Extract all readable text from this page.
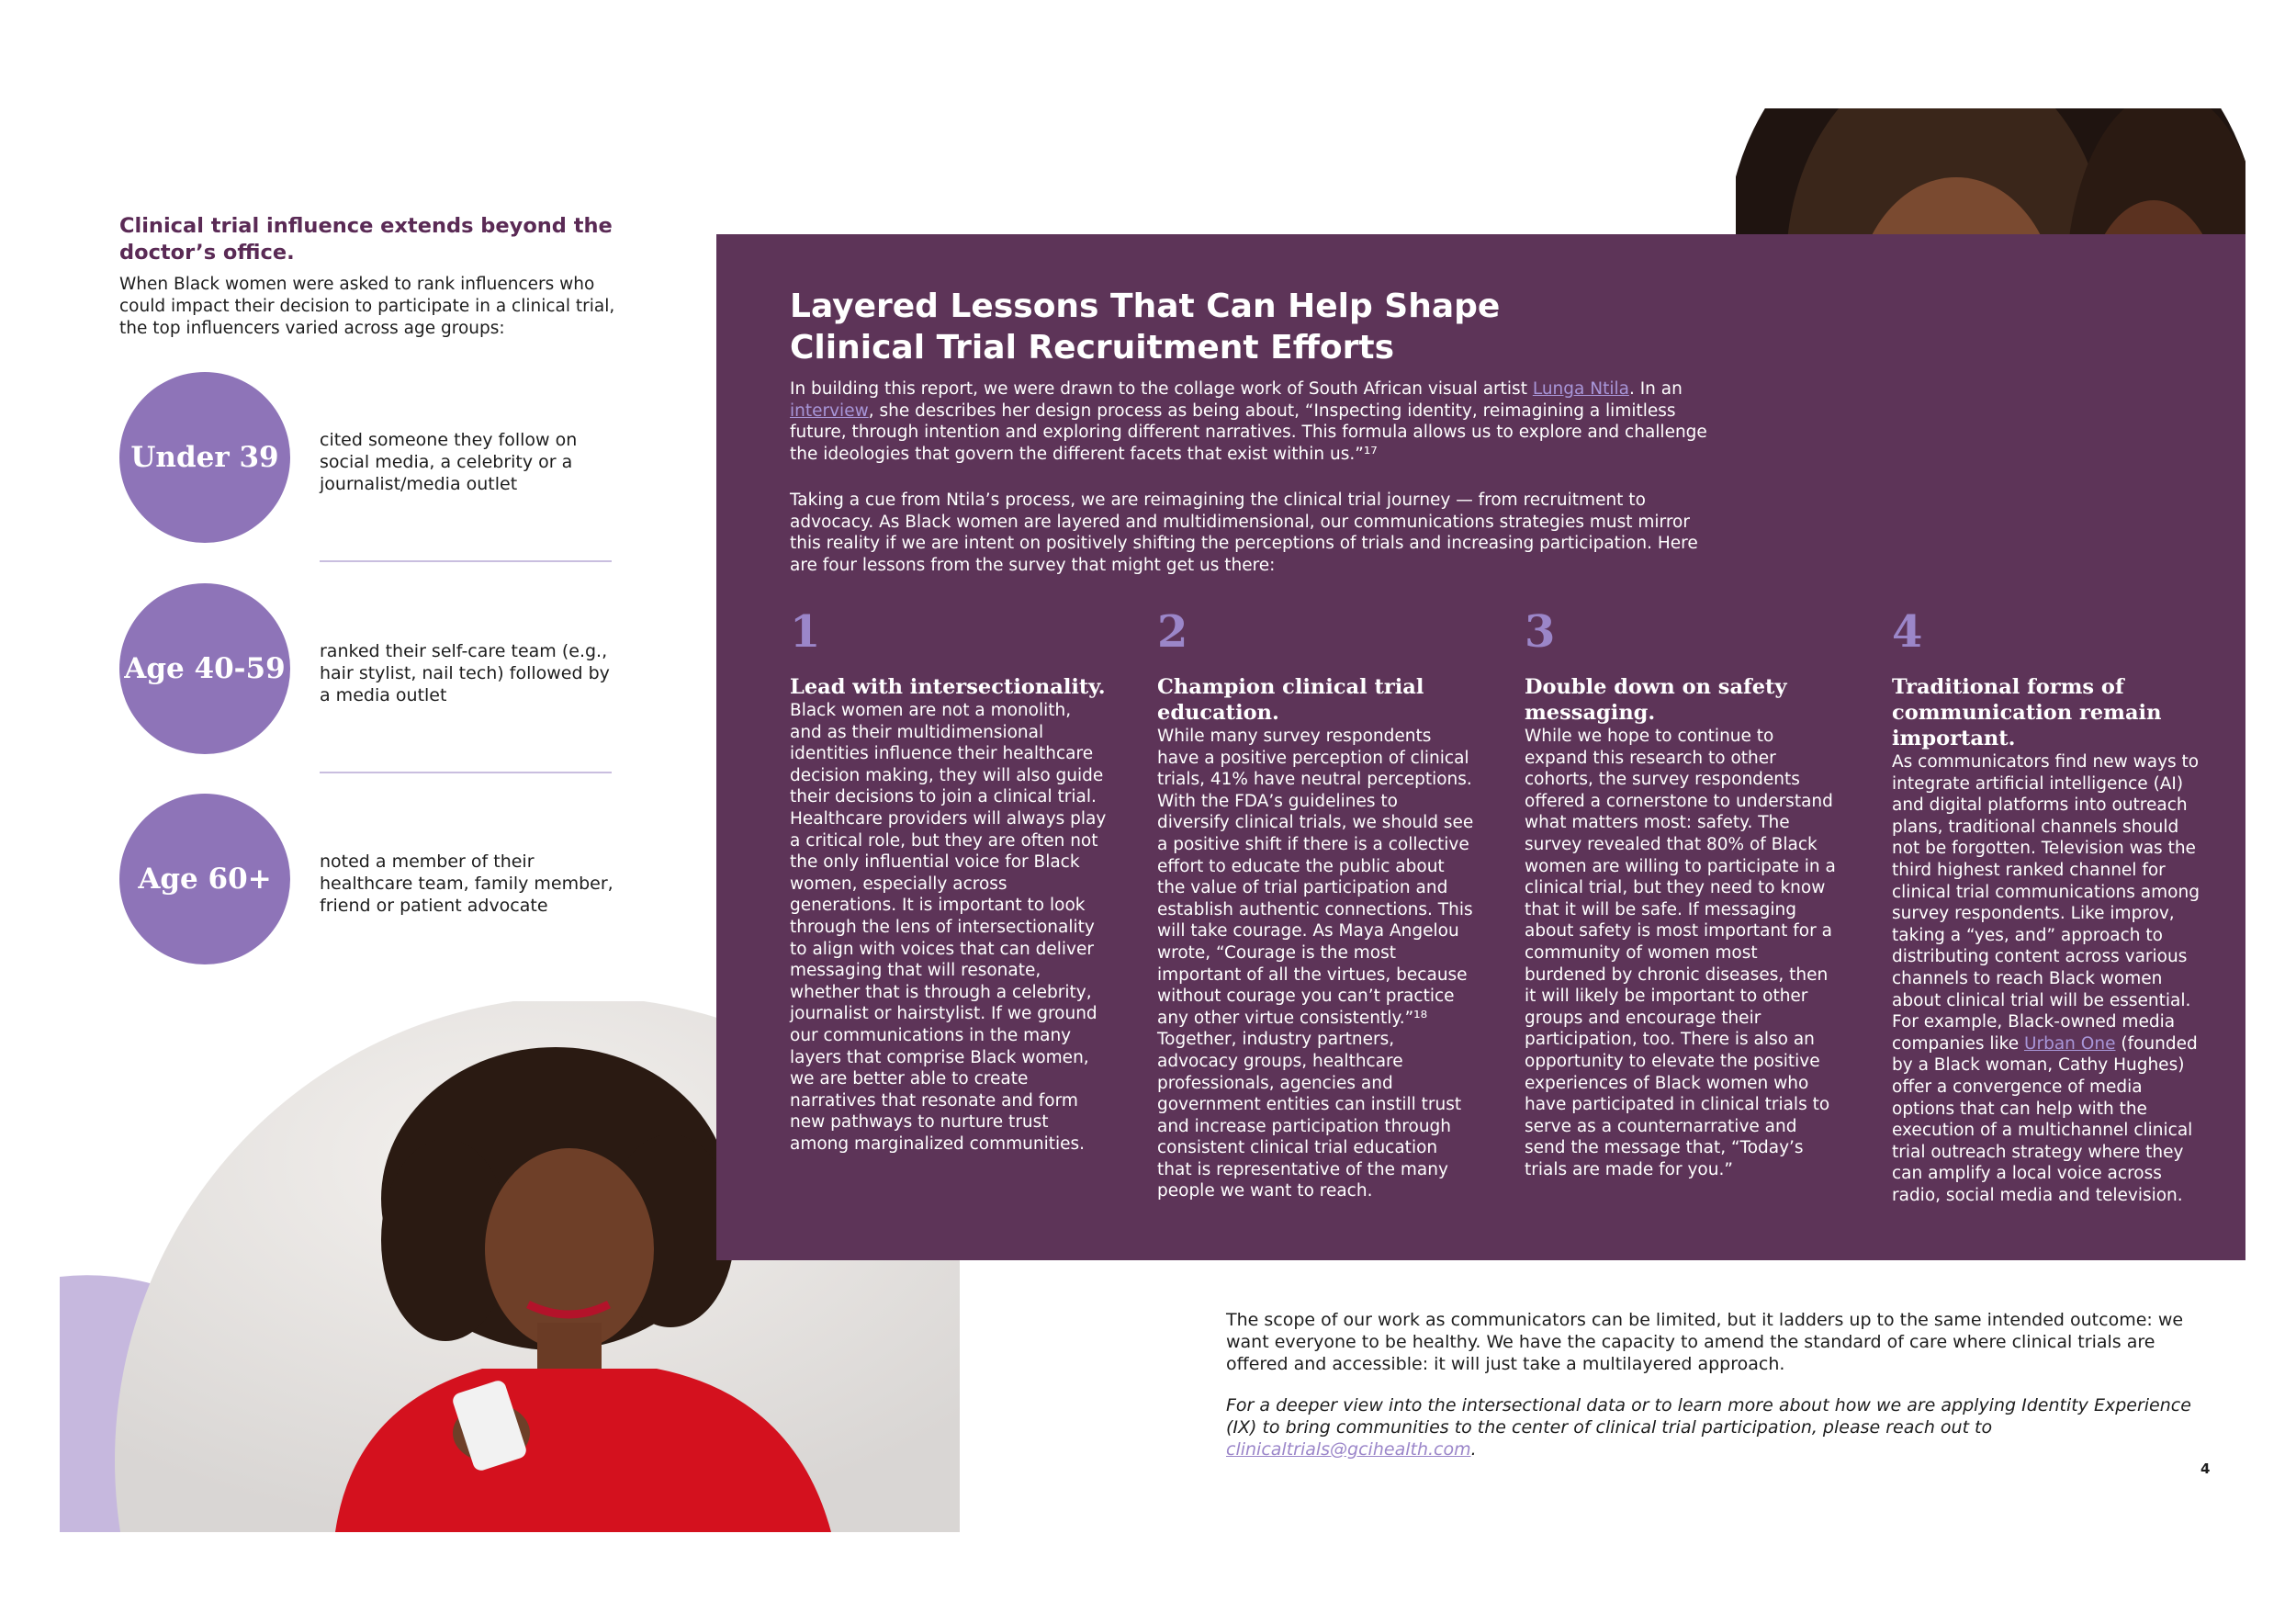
Clinical trial influence extends beyond the doctor’s office.

When Black women were asked to rank influencers who could impact their decision to participate in a clinical trial, the top influencers varied across age groups:

Under 39
cited someone they follow on social media, a celebrity or a journalist/media outlet
Age 40-59
ranked their self-care team (e.g., hair stylist, nail tech) followed by a media outlet
Age 60+
noted a member of their healthcare team, family member, friend or patient advocate
Layered Lessons That Can Help Shape Clinical Trial Recruitment Efforts

In building this report, we were drawn to the collage work of South African visual artist Lunga Ntila. In an interview, she describes her design process as being about, “Inspecting identity, reimagining a limitless future, through intention and exploring different narratives. This formula allows us to explore and challenge the ideologies that govern the different facets that exist within us.”¹⁷

Taking a cue from Ntila’s process, we are reimagining the clinical trial journey — from recruitment to advocacy. As Black women are layered and multidimensional, our communications strategies must mirror this reality if we are intent on positively shifting the perceptions of trials and increasing participation. Here are four lessons from the survey that might get us there:

1
Lead with intersectionality.
Black women are not a monolith, and as their multidimensional identities influence their healthcare decision making, they will also guide their decisions to join a clinical trial. Healthcare providers will always play a critical role, but they are often not the only influential voice for Black women, especially across generations. It is important to look through the lens of intersectionality to align with voices that can deliver messaging that will resonate, whether that is through a celebrity, journalist or hairstylist. If we ground our communications in the many layers that comprise Black women, we are better able to create narratives that resonate and form new pathways to nurture trust among marginalized communities.
2
Champion clinical trial education.
While many survey respondents have a positive perception of clinical trials, 41% have neutral perceptions. With the FDA’s guidelines to diversify clinical trials, we should see a positive shift if there is a collective effort to educate the public about the value of trial participation and establish authentic connections. This will take courage. As Maya Angelou wrote, “Courage is the most important of all the virtues, because without courage you can’t practice any other virtue consistently.”¹⁸ Together, industry partners, advocacy groups, healthcare professionals, agencies and government entities can instill trust and increase participation through consistent clinical trial education that is representative of the many people we want to reach.
3
Double down on safety messaging.
While we hope to continue to expand this research to other cohorts, the survey respondents offered a cornerstone to understand what matters most: safety. The survey revealed that 80% of Black women are willing to participate in a clinical trial, but they need to know that it will be safe. If messaging about safety is most important for a community of women most burdened by chronic diseases, then it will likely be important to other groups and encourage their participation, too. There is also an opportunity to elevate the positive experiences of Black women who have participated in clinical trials to serve as a counternarrative and send the message that, “Today’s trials are made for you.”
4
Traditional forms of communication remain important.
As communicators find new ways to integrate artificial intelligence (AI) and digital platforms into outreach plans, traditional channels should not be forgotten. Television was the third highest ranked channel for clinical trial communications among survey respondents. Like improv, taking a “yes, and” approach to distributing content across various channels to reach Black women about clinical trial will be essential. For example, Black-owned media companies like Urban One (founded by a Black woman, Cathy Hughes) offer a convergence of media options that can help with the execution of a multichannel clinical trial outreach strategy where they can amplify a local voice across radio, social media and television.

The scope of our work as communicators can be limited, but it ladders up to the same intended outcome: we want everyone to be healthy. We have the capacity to amend the standard of care where clinical trials are offered and accessible: it will just take a multilayered approach.

For a deeper view into the intersectional data or to learn more about how we are applying Identity Experience (IX) to bring communities to the center of clinical trial participation, please reach out to clinicaltrials@gcihealth.com.

4
